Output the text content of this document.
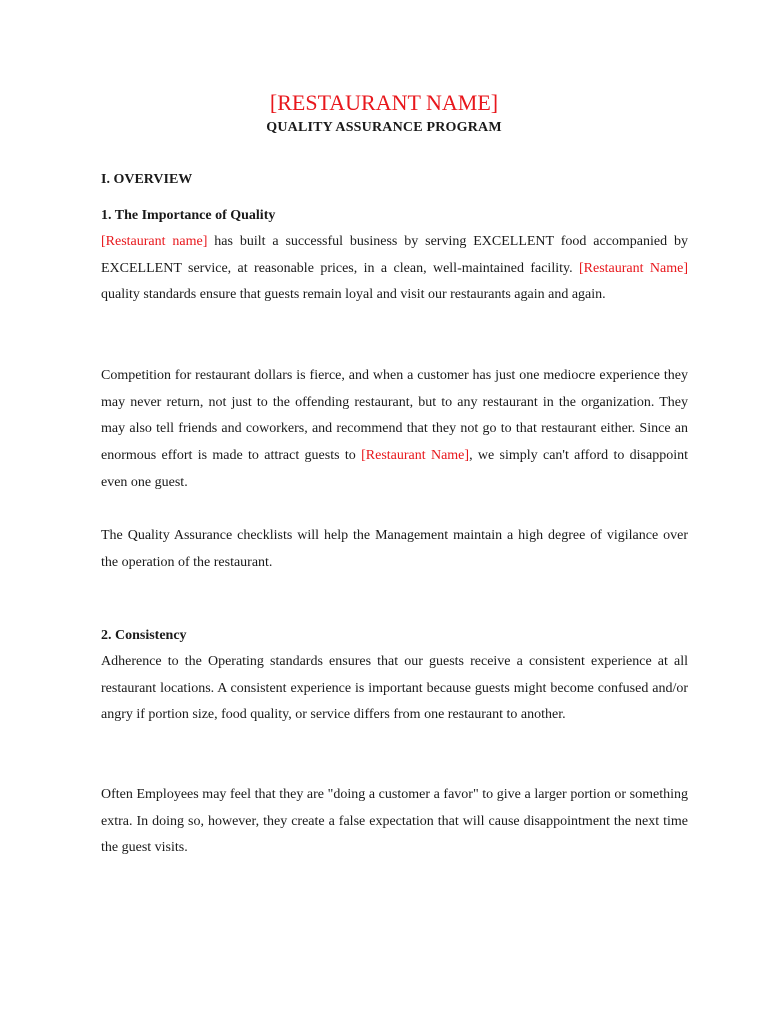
[RESTAURANT NAME]
QUALITY ASSURANCE PROGRAM
I. OVERVIEW
1. The Importance of Quality

[Restaurant name] has built a successful business by serving EXCELLENT food accompanied by EXCELLENT service, at reasonable prices, in a clean, well-maintained facility. [Restaurant Name] quality standards ensure that guests remain loyal and visit our restaurants again and again.

Competition for restaurant dollars is fierce, and when a customer has just one mediocre experience they may never return, not just to the offending restaurant, but to any restaurant in the organization. They may also tell friends and coworkers, and recommend that they not go to that restaurant either. Since an enormous effort is made to attract guests to [Restaurant Name], we simply can't afford to disappoint even one guest.

The Quality Assurance checklists will help the Management maintain a high degree of vigilance over the operation of the restaurant.

2. Consistency

Adherence to the Operating standards ensures that our guests receive a consistent experience at all restaurant locations. A consistent experience is important because guests might become confused and/or angry if portion size, food quality, or service differs from one restaurant to another.

Often Employees may feel that they are "doing a customer a favor" to give a larger portion or something extra. In doing so, however, they create a false expectation that will cause disappointment the next time the guest visits.
